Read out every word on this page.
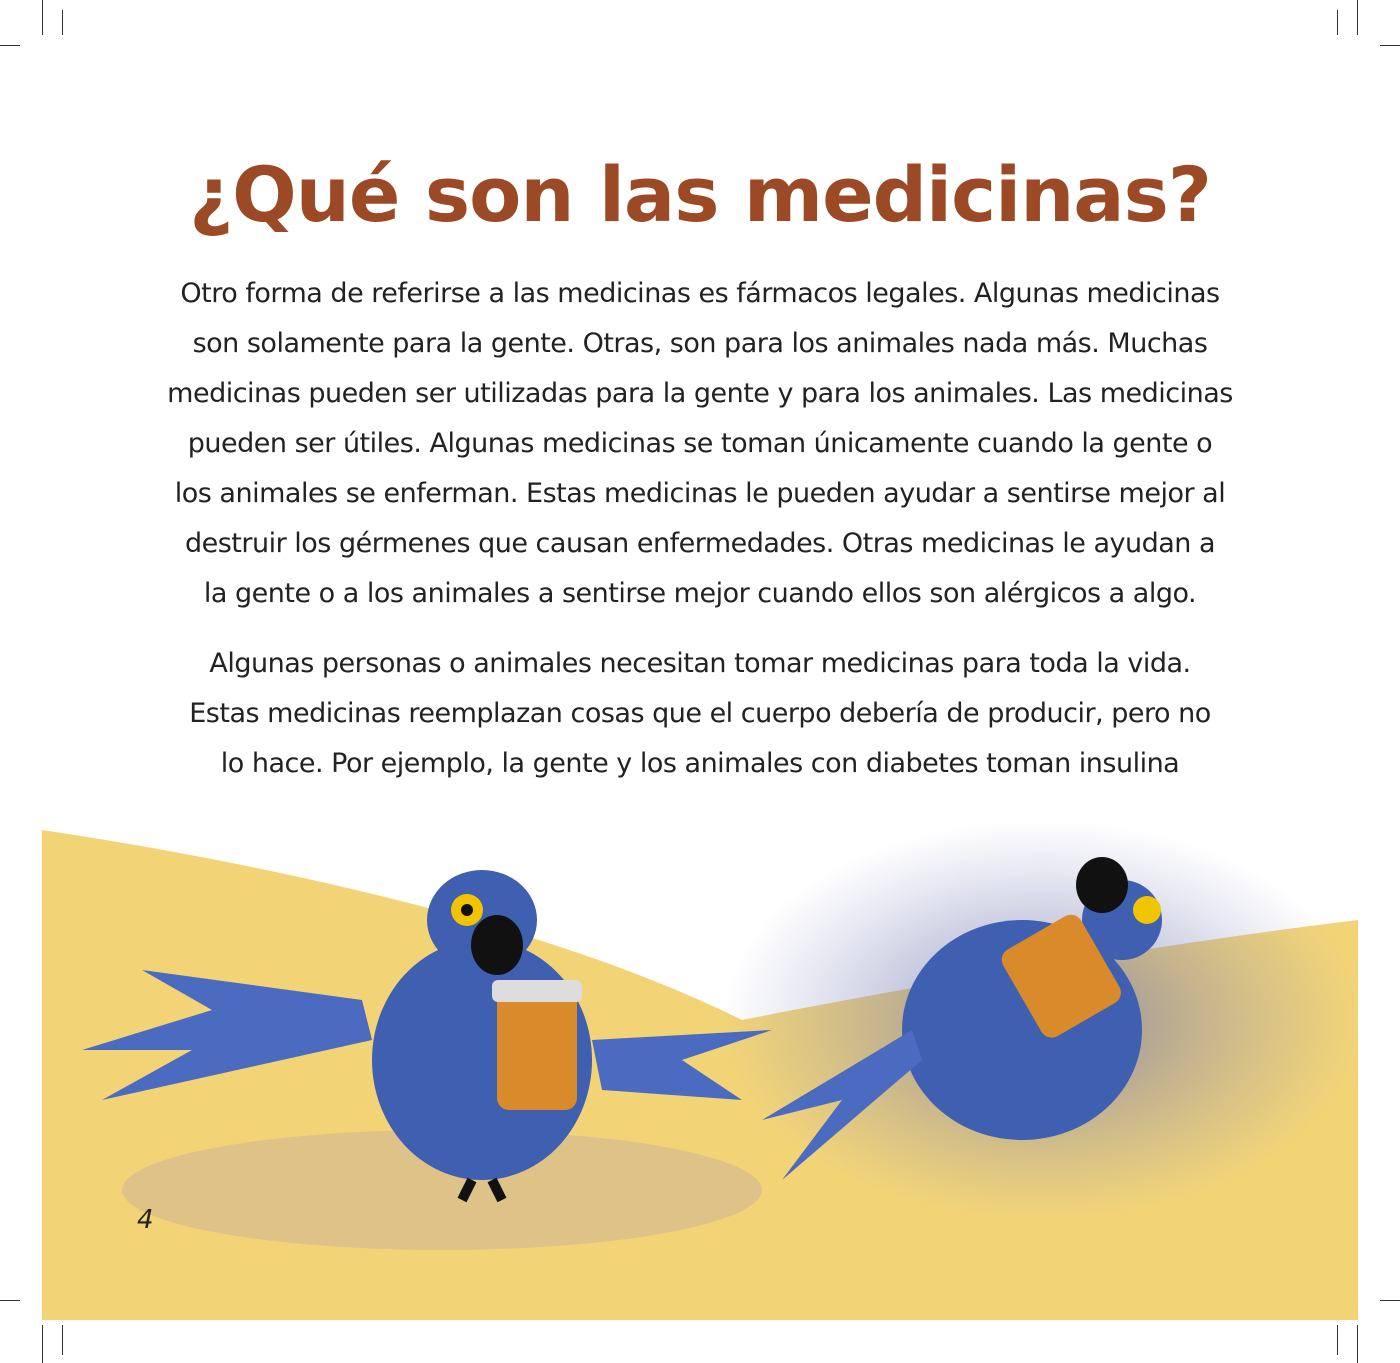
¿Qué son las medicinas?
Otro forma de referirse a las medicinas es fármacos legales. Algunas medicinas
son solamente para la gente. Otras, son para los animales nada más. Muchas
medicinas pueden ser utilizadas para la gente y para los animales. Las medicinas
pueden ser útiles. Algunas medicinas se toman únicamente cuando la gente o
los animales se enferman. Estas medicinas le pueden ayudar a sentirse mejor al
destruir los gérmenes que causan enfermedades. Otras medicinas le ayudan a
la gente o a los animales a sentirse mejor cuando ellos son alérgicos a algo.
Algunas personas o animales necesitan tomar medicinas para toda la vida.
Estas medicinas reemplazan cosas que el cuerpo debería de producir, pero no
lo hace. Por ejemplo, la gente y los animales con diabetes toman insulina
4
